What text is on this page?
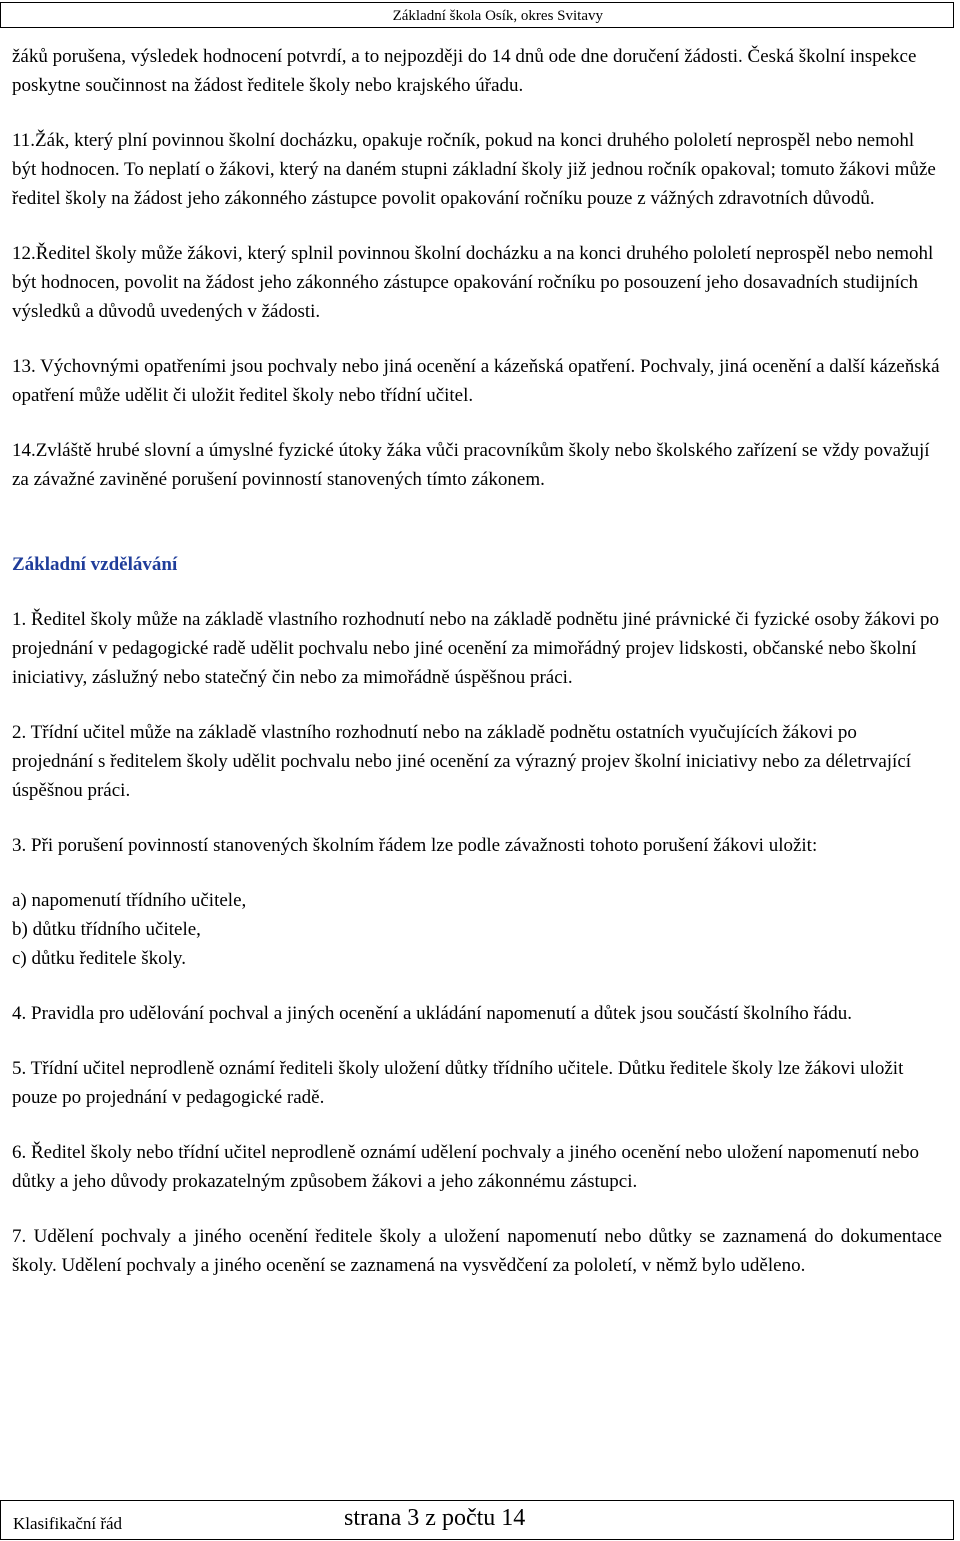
Základní škola Osík, okres Svitavy

žáků porušena, výsledek hodnocení potvrdí, a to nejpozději do 14 dnů ode dne doručení žádosti. Česká školní inspekce poskytne součinnost na žádost ředitele školy nebo krajského úřadu.

11.Žák, který plní povinnou školní docházku, opakuje ročník, pokud na konci druhého pololetí neprospěl nebo nemohl být hodnocen. To neplatí o žákovi, který na daném stupni základní školy již jednou ročník opakoval; tomuto žákovi může ředitel školy na žádost jeho zákonného zástupce povolit opakování ročníku pouze z vážných zdravotních důvodů.

12.Ředitel školy může žákovi, který splnil povinnou školní docházku a na konci druhého pololetí neprospěl nebo nemohl být hodnocen, povolit na žádost jeho zákonného zástupce opakování ročníku po posouzení jeho dosavadních studijních výsledků a důvodů uvedených v žádosti.

13. Výchovnými opatřeními jsou pochvaly nebo jiná ocenění a kázeňská opatření. Pochvaly, jiná ocenění a další kázeňská opatření může udělit či uložit ředitel školy nebo třídní učitel.

14.Zvláště hrubé slovní a úmyslné fyzické útoky žáka vůči pracovníkům školy nebo školského zařízení se vždy považují za závažné zaviněné porušení povinností stanovených tímto zákonem.

Základní vzdělávání

1. Ředitel školy může na základě vlastního rozhodnutí nebo na základě podnětu jiné právnické či fyzické osoby žákovi po projednání v pedagogické radě udělit pochvalu nebo jiné ocenění za mimořádný projev lidskosti, občanské nebo školní iniciativy, záslužný nebo statečný čin nebo za mimořádně úspěšnou práci.

2. Třídní učitel může na základě vlastního rozhodnutí nebo na základě podnětu ostatních vyučujících žákovi po projednání s ředitelem školy udělit pochvalu nebo jiné ocenění za výrazný projev školní iniciativy nebo za déletrvající úspěšnou práci.

3. Při porušení povinností stanovených školním řádem lze podle závažnosti tohoto porušení žákovi uložit:

a) napomenutí třídního učitele,

b) důtku třídního učitele,

c) důtku ředitele školy.

4. Pravidla pro udělování pochval a jiných ocenění a ukládání napomenutí a důtek jsou součástí školního řádu.

5. Třídní učitel neprodleně oznámí řediteli školy uložení důtky třídního učitele. Důtku ředitele školy lze žákovi uložit pouze po projednání v pedagogické radě.

6. Ředitel školy nebo třídní učitel neprodleně oznámí udělení pochvaly a jiného ocenění nebo uložení napomenutí nebo důtky a jeho důvody prokazatelným způsobem žákovi a jeho zákonnému zástupci.

7. Udělení pochvaly a jiného ocenění ředitele školy a uložení napomenutí nebo důtky se zaznamená do dokumentace školy. Udělení pochvaly a jiného ocenění se zaznamená na vysvědčení za pololetí, v němž bylo uděleno.

Klasifikační řád	strana 3 z počtu 14
